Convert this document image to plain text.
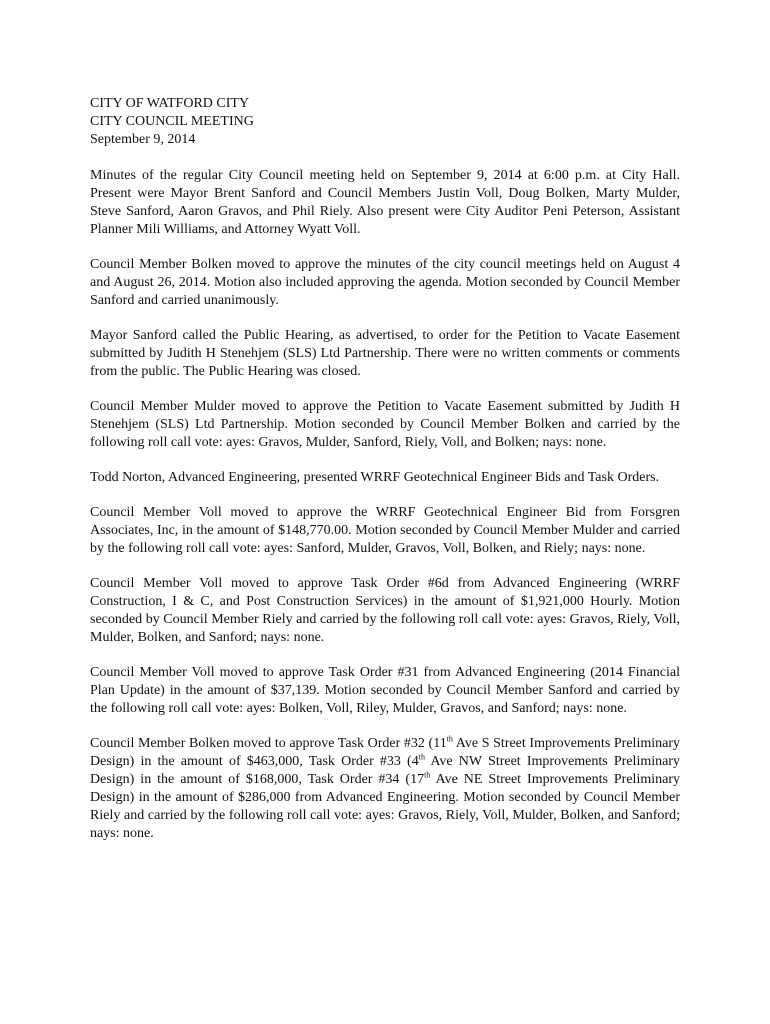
CITY OF WATFORD CITY

CITY COUNCIL MEETING

September 9, 2014

Minutes of the regular City Council meeting held on September 9, 2014 at 6:00 p.m. at City Hall. Present were Mayor Brent Sanford and Council Members Justin Voll, Doug Bolken, Marty Mulder, Steve Sanford, Aaron Gravos, and Phil Riely. Also present were City Auditor Peni Peterson, Assistant Planner Mili Williams, and Attorney Wyatt Voll.

Council Member Bolken moved to approve the minutes of the city council meetings held on August 4 and August 26, 2014. Motion also included approving the agenda. Motion seconded by Council Member Sanford and carried unanimously.

Mayor Sanford called the Public Hearing, as advertised, to order for the Petition to Vacate Easement submitted by Judith H Stenehjem (SLS) Ltd Partnership. There were no written comments or comments from the public. The Public Hearing was closed.

Council Member Mulder moved to approve the Petition to Vacate Easement submitted by Judith H Stenehjem (SLS) Ltd Partnership. Motion seconded by Council Member Bolken and carried by the following roll call vote: ayes: Gravos, Mulder, Sanford, Riely, Voll, and Bolken; nays: none.

Todd Norton, Advanced Engineering, presented WRRF Geotechnical Engineer Bids and Task Orders.

Council Member Voll moved to approve the WRRF Geotechnical Engineer Bid from Forsgren Associates, Inc, in the amount of $148,770.00. Motion seconded by Council Member Mulder and carried by the following roll call vote: ayes: Sanford, Mulder, Gravos, Voll, Bolken, and Riely; nays: none.

Council Member Voll moved to approve Task Order #6d from Advanced Engineering (WRRF Construction, I & C, and Post Construction Services) in the amount of $1,921,000 Hourly. Motion seconded by Council Member Riely and carried by the following roll call vote: ayes: Gravos, Riely, Voll, Mulder, Bolken, and Sanford; nays: none.

Council Member Voll moved to approve Task Order #31 from Advanced Engineering (2014 Financial Plan Update) in the amount of $37,139. Motion seconded by Council Member Sanford and carried by the following roll call vote: ayes: Bolken, Voll, Riley, Mulder, Gravos, and Sanford; nays: none.

Council Member Bolken moved to approve Task Order #32 (11th Ave S Street Improvements Preliminary Design) in the amount of $463,000, Task Order #33 (4th Ave NW Street Improvements Preliminary Design) in the amount of $168,000, Task Order #34 (17th Ave NE Street Improvements Preliminary Design) in the amount of $286,000 from Advanced Engineering. Motion seconded by Council Member Riely and carried by the following roll call vote: ayes: Gravos, Riely, Voll, Mulder, Bolken, and Sanford; nays: none.
